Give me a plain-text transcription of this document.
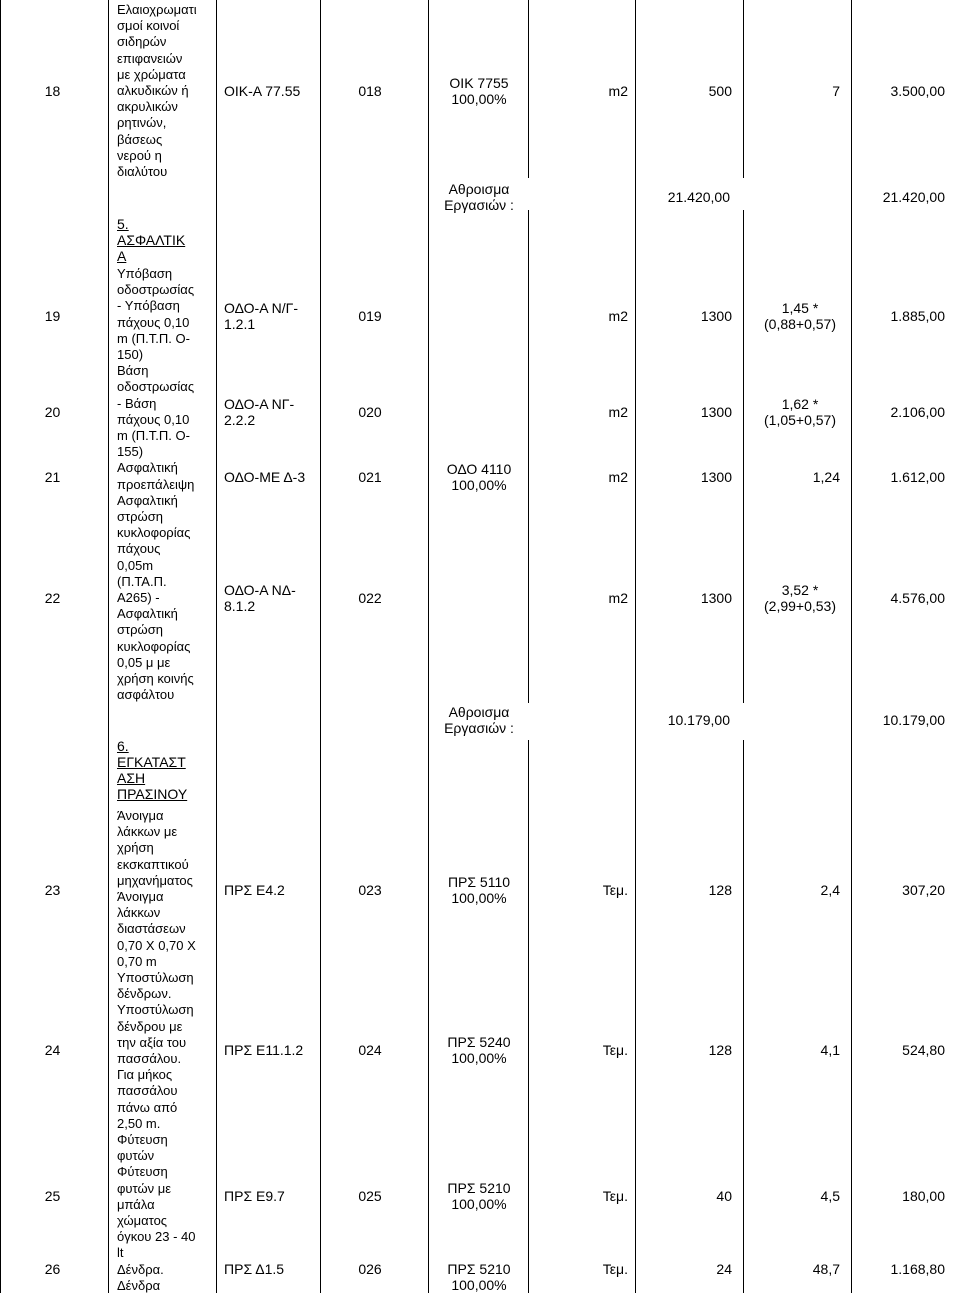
18
19
20
21
22
23
24
25
26
Ελαιοχρωματι
σμοί κοινοί
σιδηρών
επιφανειών
με χρώματα
αλκυδικών ή
ακρυλικών
ρητινών,
βάσεως
νερού η
διαλύτου
5.
ΑΣΦΑΛΤΙΚ
Α
Υπόβαση
οδοστρωσίας
- Υπόβαση
πάχους 0,10
m (Π.Τ.Π. Ο-
150)
Βάση
οδοστρωσίας
- Βάση
πάχους 0,10
m (Π.Τ.Π. Ο-
155)
Ασφαλτική
προεπάλειψη
Ασφαλτική
στρώση
κυκλοφορίας
πάχους
0,05m
(Π.ΤΑ.Π.
Α265) -
Ασφαλτική
στρώση
κυκλοφορίας
0,05 μ με
χρήση κοινής
ασφάλτου
6.
ΕΓΚΑΤΑΣΤ
ΑΣΗ
ΠΡΑΣΙΝΟΥ
Άνοιγμα
λάκκων με
χρήση
εκσκαπτικού
μηχανήματος
Άνοιγμα
λάκκων
διαστάσεων
0,70 Χ 0,70 Χ
0,70 m
Υποστύλωση
δένδρων.
Υποστύλωση
δένδρου με
την αξία του
πασσάλου.
Για μήκος
πασσάλου
πάνω από
2,50 m.
Φύτευση
φυτών
Φύτευση
φυτών με
μπάλα
χώματος
όγκου 23 - 40
lt
Δένδρα.
Δένδρα
ΟΙΚ-Α 77.55
ΟΔΟ-Α Ν/Γ-
1.2.1
ΟΔΟ-Α ΝΓ-
2.2.2
ΟΔΟ-ΜΕ Δ-3
ΟΔΟ-Α ΝΔ-
8.1.2
ΠΡΣ Ε4.2
ΠΡΣ Ε11.1.2
ΠΡΣ Ε9.7
ΠΡΣ Δ1.5
018
019
020
021
022
023
024
025
026
ΟΙΚ 7755
100,00%
Αθροισμα
Εργασιών :
ΟΔΟ 4110
100,00%
Αθροισμα
Εργασιών :
ΠΡΣ 5110
100,00%
ΠΡΣ 5240
100,00%
ΠΡΣ 5210
100,00%
ΠΡΣ 5210
100,00%
m2
m2
m2
m2
m2
Τεμ.
Τεμ.
Τεμ.
Τεμ.
500
21.420,00
1300
1300
1300
1300
10.179,00
128
128
40
24
7
1,45 *
(0,88+0,57)
1,62 *
(1,05+0,57)
1,24
3,52 *
(2,99+0,53)
2,4
4,1
4,5
48,7
3.500,00
21.420,00
1.885,00
2.106,00
1.612,00
4.576,00
10.179,00
307,20
524,80
180,00
1.168,80
